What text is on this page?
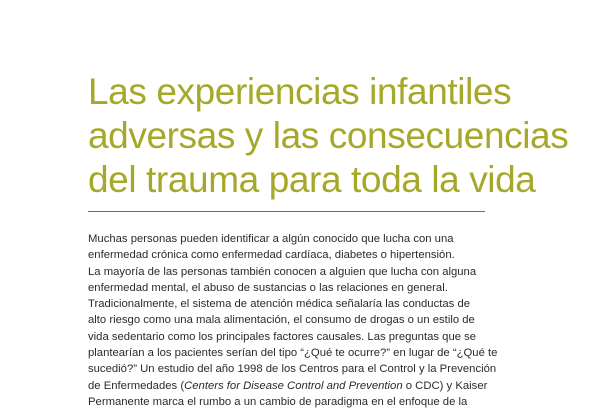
Las experiencias infantiles
adversas y las consecuencias
del trauma para toda la vida
Muchas personas pueden identificar a algún conocido que lucha con una
enfermedad crónica como enfermedad cardíaca, diabetes o hipertensión.
La mayoría de las personas también conocen a alguien que lucha con alguna
enfermedad mental, el abuso de sustancias o las relaciones en general.
Tradicionalmente, el sistema de atención médica señalaría las conductas de
alto riesgo como una mala alimentación, el consumo de drogas o un estilo de
vida sedentario como los principales factores causales. Las preguntas que se
plantearían a los pacientes serían del tipo “¿Qué te ocurre?” en lugar de “¿Qué te
sucedió?” Un estudio del año 1998 de los Centros para el Control y la Prevención
de Enfermedades (Centers for Disease Control and Prevention o CDC) y Kaiser
Permanente marca el rumbo a un cambio de paradigma en el enfoque de la
